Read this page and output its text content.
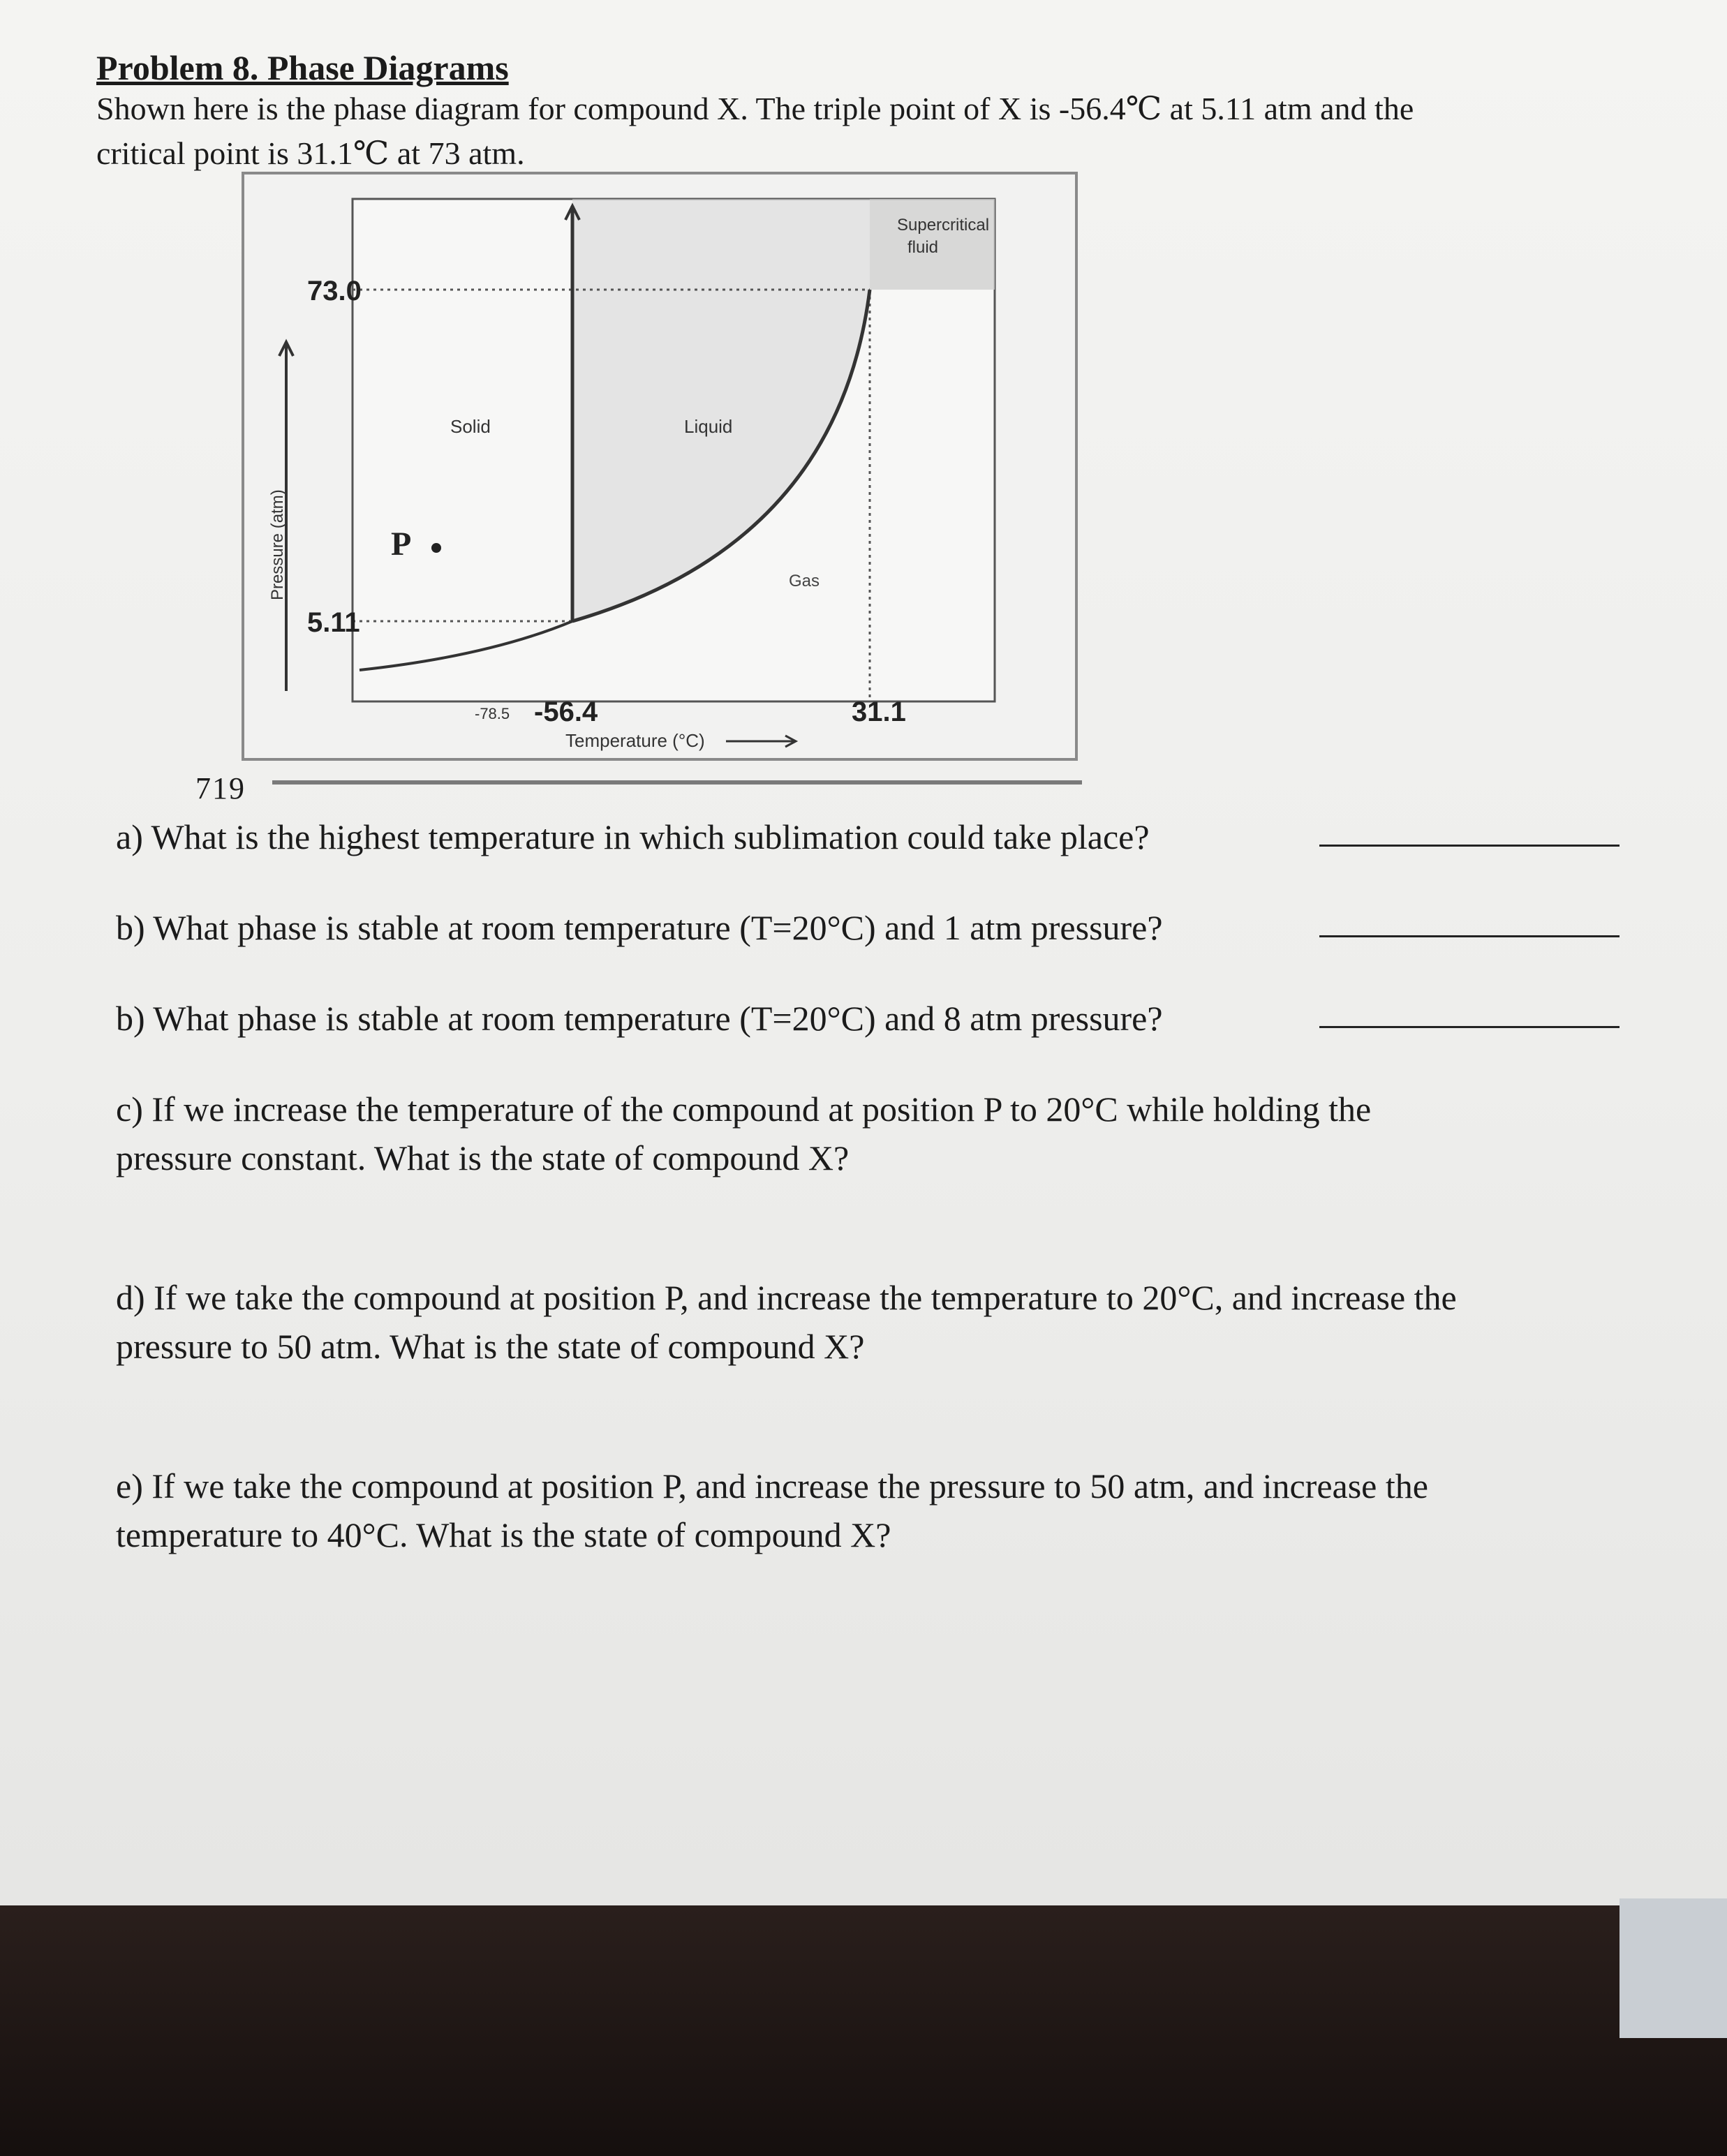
Problem 8. Phase Diagrams
Shown here is the phase diagram for compound X. The triple point of X is -56.4℃ at 5.11 atm and the
critical point is 31.1℃ at 73 atm.
Pressure (atm)
73.0
5.11
-78.5 -56.4	31.1
Temperature (°C)
Solid	Liquid
Gas
Supercritical
fluid
P
719
a) What is the highest temperature in which sublimation could take place?
b) What phase is stable at room temperature (T=20°C) and 1 atm pressure?
b) What phase is stable at room temperature (T=20°C) and 8 atm pressure?
c) If we increase the temperature of the compound at position P to 20°C while holding the
pressure constant. What is the state of compound X?
d) If we take the compound at position P, and increase the temperature to 20°C, and increase the
pressure to 50 atm. What is the state of compound X?
e) If we take the compound at position P, and increase the pressure to 50 atm, and increase the
temperature to 40°C. What is the state of compound X?
